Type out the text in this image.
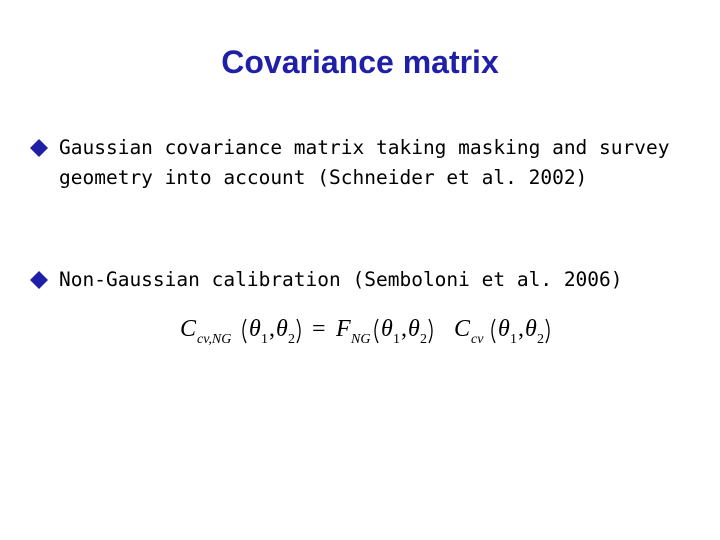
Covariance matrix
Gaussian covariance matrix taking masking and survey geometry into account (Schneider et al. 2002)
Non-Gaussian calibration (Semboloni et al. 2006)
C cv,NG θ 1 , θ 2 = F NG θ 1 , θ 2 C cv θ 1 , θ 2
